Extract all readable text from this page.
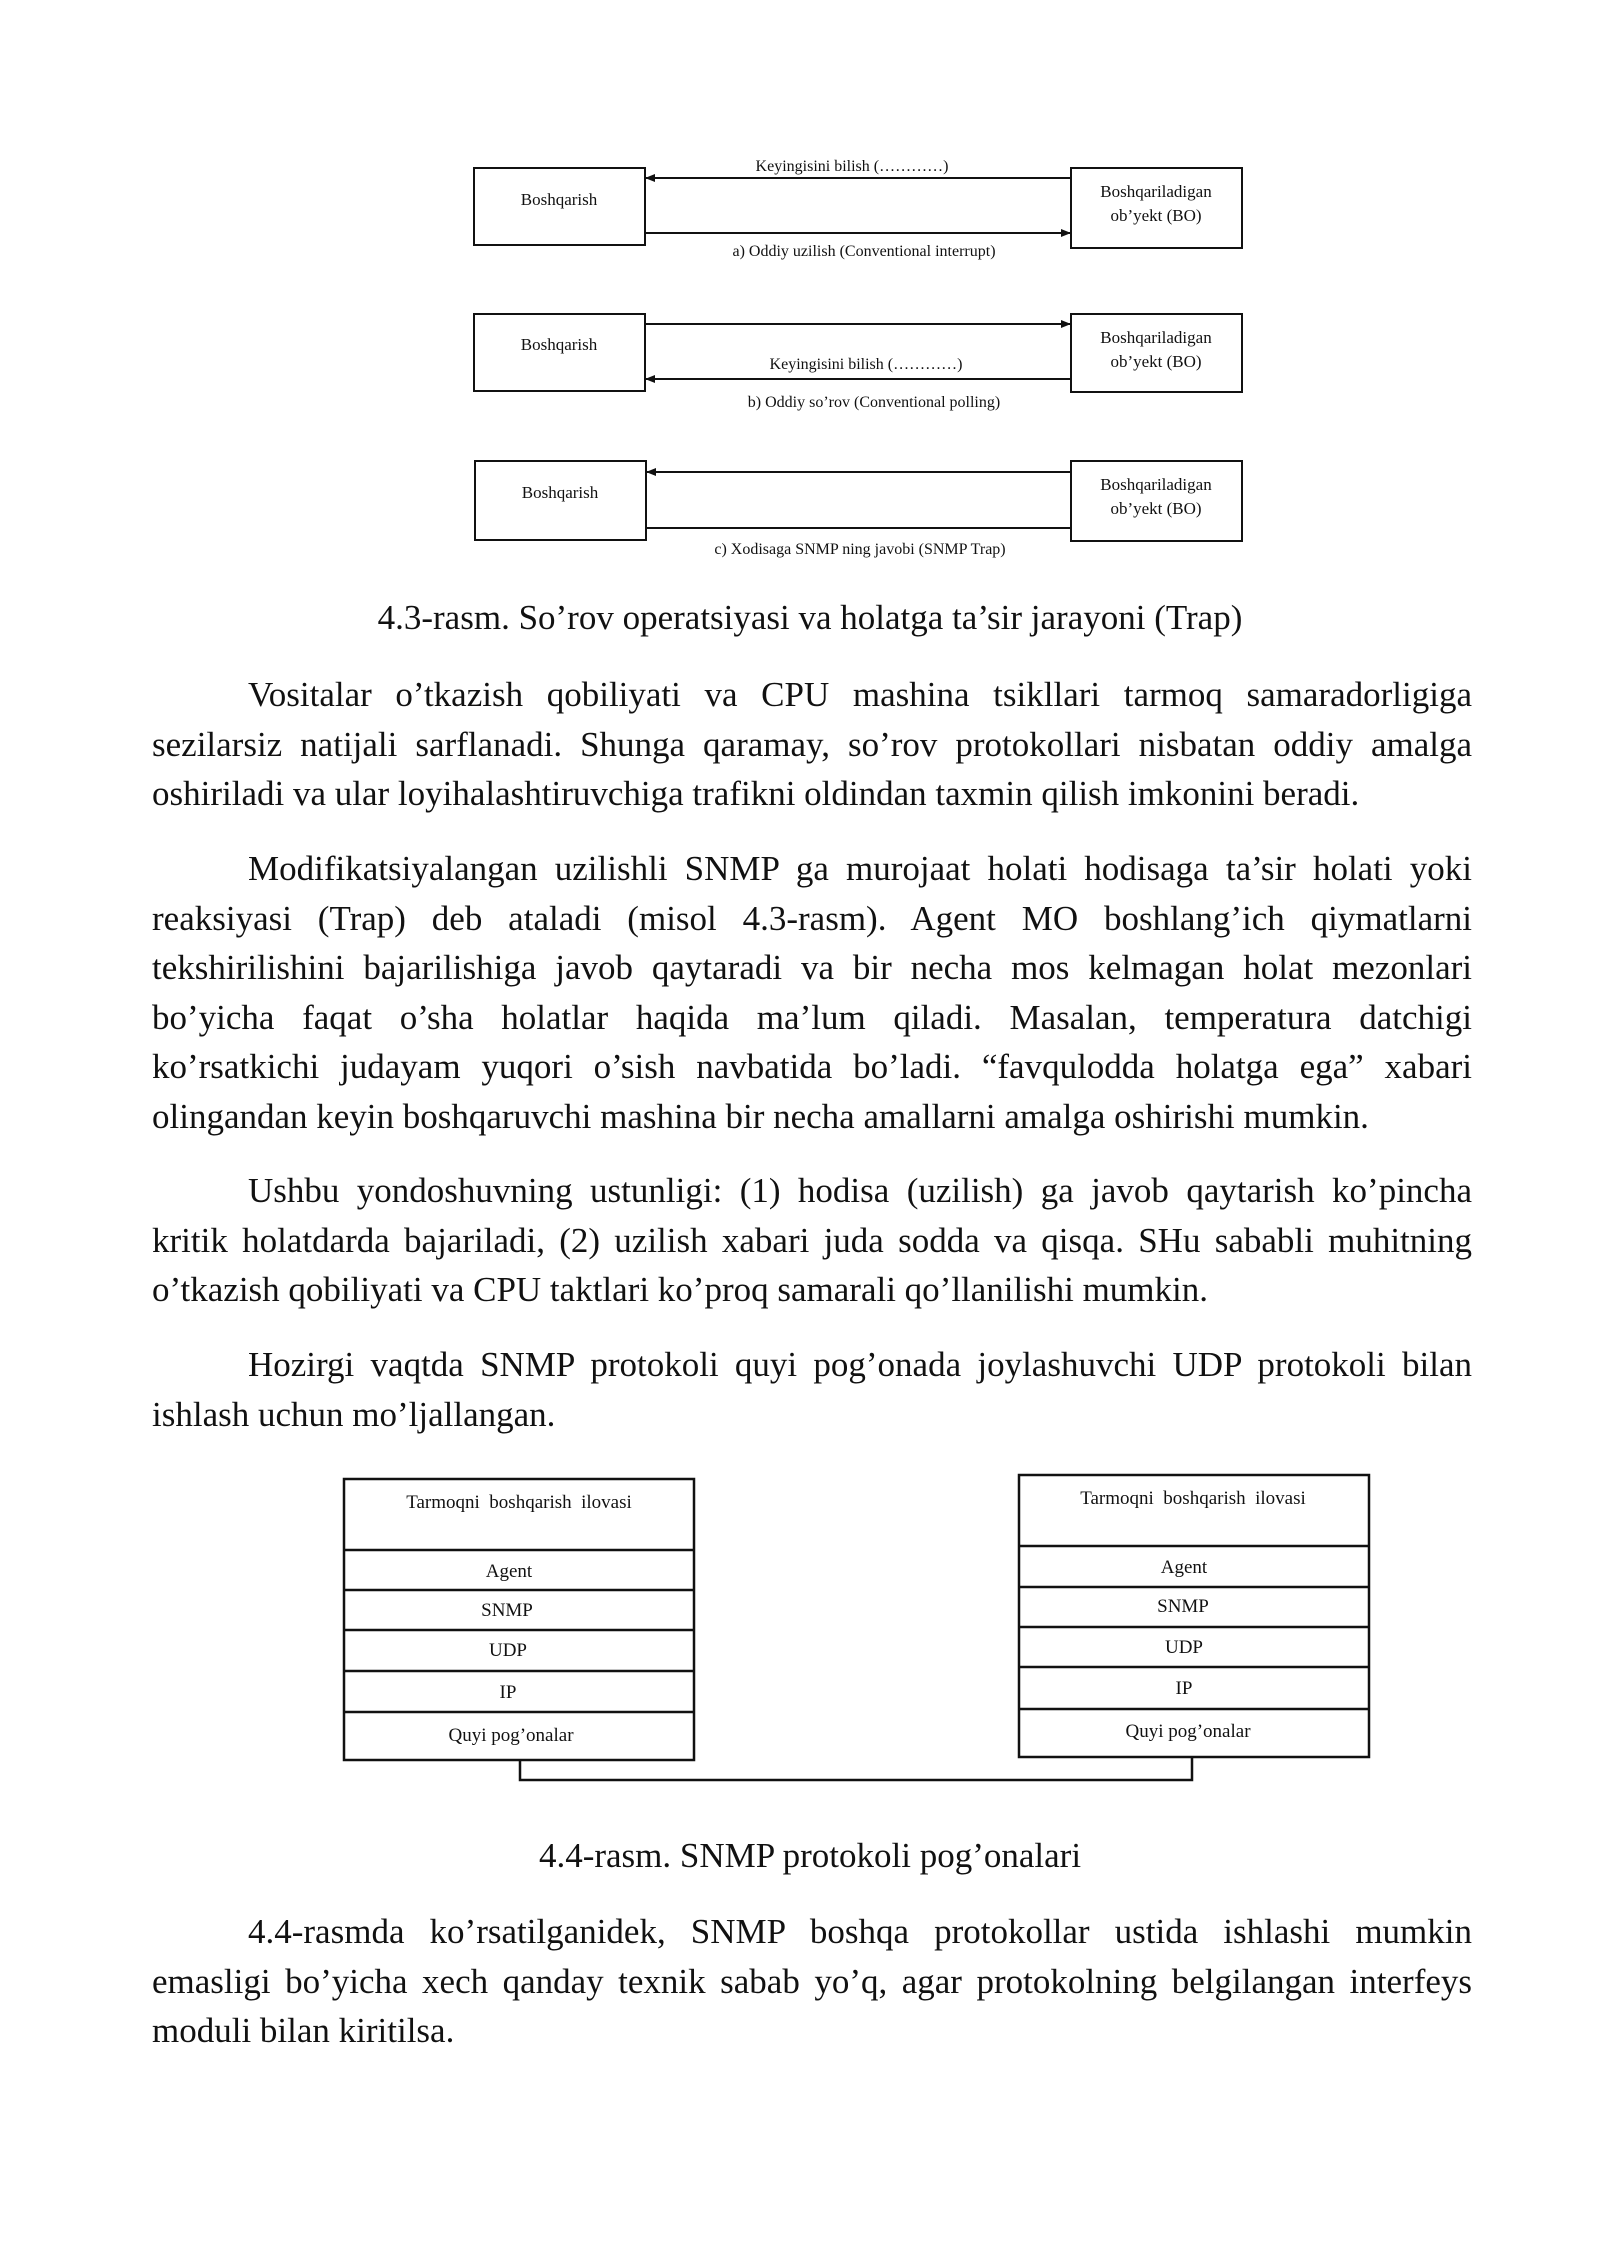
Boshqarish	Boshqariladigan
ob’yekt (BO)
Keyingisini bilish (…………)
a) Oddiy uzilish (Conventional interrupt)
Boshqarish	Boshqariladigan
ob’yekt (BO)
Keyingisini bilish (…………)
b) Oddiy so’rov (Conventional polling)
Boshqarish	Boshqariladigan
ob’yekt (BO)
c) Xodisaga SNMP ning javobi (SNMP Trap)

4.3-rasm. So’rov operatsiyasi va holatga ta’sir jarayoni (Trap)

Vositalar o’tkazish qobiliyati va CPU mashina tsikllari tarmoq samaradorligiga sezilarsiz natijali sarflanadi. Shunga qaramay, so’rov protokollari nisbatan oddiy amalga oshiriladi va ular loyihalashtiruvchiga trafikni oldindan taxmin qilish imkonini beradi.

Modifikatsiyalangan uzilishli SNMP ga murojaat holati hodisaga ta’sir holati yoki reaksiyasi (Trap) deb ataladi (misol 4.3-rasm). Agent MO boshlang’ich qiymatlarni tekshirilishini bajarilishiga javob qaytaradi va bir necha mos kelmagan holat mezonlari bo’yicha faqat o’sha holatlar haqida ma’lum qiladi. Masalan, temperatura datchigi ko’rsatkichi judayam yuqori o’sish navbatida bo’ladi. “favqulodda holatga ega” xabari olingandan keyin boshqaruvchi mashina bir necha amallarni amalga oshirishi mumkin.

Ushbu yondoshuvning ustunligi: (1) hodisa (uzilish) ga javob qaytarish ko’pincha kritik holatdarda bajariladi, (2) uzilish xabari juda sodda va qisqa. SHu sababli muhitning o’tkazish qobiliyati va CPU taktlari ko’proq samarali qo’llanilishi mumkin.

Hozirgi vaqtda SNMP protokoli quyi pog’onada joylashuvchi UDP protokoli bilan ishlash uchun mo’ljallangan.

Tarmoqni  boshqarish  ilovasi
Agent
SNMP
UDP
IP
Quyi pog’onalar
Tarmoqni  boshqarish  ilovasi
Agent
SNMP
UDP
IP
Quyi pog’onalar

4.4-rasm. SNMP protokoli pog’onalari

4.4-rasmda ko’rsatilganidek, SNMP boshqa protokollar ustida ishlashi mumkin emasligi bo’yicha xech qanday texnik sabab yo’q, agar protokolning belgilangan interfeys moduli bilan kiritilsa.
